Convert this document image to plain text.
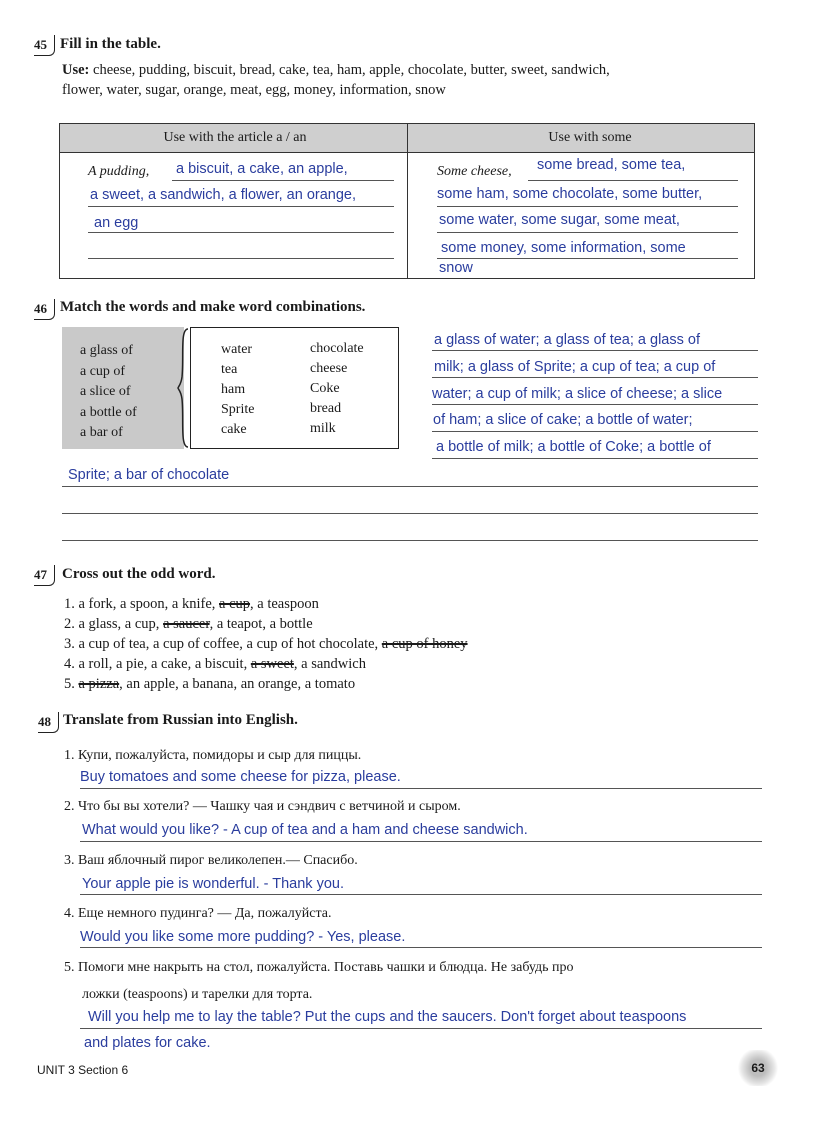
45 Fill in the table.
Use: cheese, pudding, biscuit, bread, cake, tea, ham, apple, chocolate, butter, sweet, sandwich,
flower, water, sugar, orange, meat, egg, money, information, snow
Use with the article a / an	Use with some
A pudding,	Some cheese,
a biscuit, a cake, an apple,
a sweet, a sandwich, a flower, an orange,
an egg
some bread, some tea,
some ham, some chocolate, some butter,
some water, some sugar, some meat,
some money, some information, some
snow
46 Match the words and make word combinations.
a glass of
a cup of
a slice of
a bottle of
a bar of
water
tea
ham
Sprite
cake
chocolate
cheese
Coke
bread
milk
a glass of water; a glass of tea; a glass of
milk; a glass of Sprite; a cup of tea; a cup of
water; a cup of milk; a slice of cheese; a slice
of ham; a slice of cake; a bottle of water;
a bottle of milk; a bottle of Coke; a bottle of
Sprite; a bar of chocolate
47	Cross out the odd word.
1. a fork, a spoon, a knife, a cup, a teaspoon
2. a glass, a cup, a saucer, a teapot, a bottle
3. a cup of tea, a cup of coffee, a cup of hot chocolate, a cup of honey
4. a roll, a pie, a cake, a biscuit, a sweet, a sandwich
5. a pizza, an apple, a banana, an orange, a tomato
48 Translate from Russian into English.
1. Купи, пожалуйста, помидоры и сыр для пиццы.
Buy tomatoes and some cheese for pizza, please.
2. Что бы вы хотели? — Чашку чая и сэндвич с ветчиной и сыром.
What would you like? - A cup of tea and a ham and cheese sandwich.
3. Ваш яблочный пирог великолепен.— Спасибо.
Your apple pie is wonderful. - Thank you.
4. Еще немного пудинга? — Да, пожалуйста.
Would you like some more pudding? - Yes, please.
5. Помоги мне накрыть на стол, пожалуйста. Поставь чашки и блюдца. Не забудь про
ложки (teaspoons) и тарелки для торта.
Will you help me to lay the table? Put the cups and the saucers. Don't forget about teaspoons
and plates for cake.
UNIT 3 Section 6	63
